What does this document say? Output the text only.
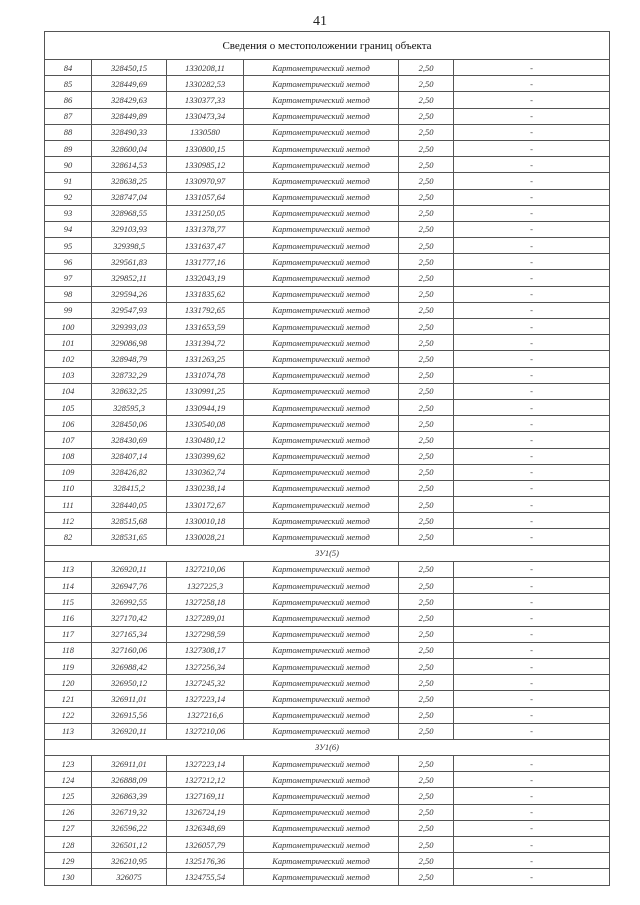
41
Сведения о местоположении границ объекта					
84	328450,15	1330208,11	Картометрический метод	2,50	-
85	328449,69	1330282,53	Картометрический метод	2,50	-
86	328429,63	1330377,33	Картометрический метод	2,50	-
87	328449,89	1330473,34	Картометрический метод	2,50	-
88	328490,33	1330580	Картометрический метод	2,50	-
89	328600,04	1330800,15	Картометрический метод	2,50	-
90	328614,53	1330985,12	Картометрический метод	2,50	-
91	328638,25	1330970,97	Картометрический метод	2,50	-
92	328747,04	1331057,64	Картометрический метод	2,50	-
93	328968,55	1331250,05	Картометрический метод	2,50	-
94	329103,93	1331378,77	Картометрический метод	2,50	-
95	329398,5	1331637,47	Картометрический метод	2,50	-
96	329561,83	1331777,16	Картометрический метод	2,50	-
97	329852,11	1332043,19	Картометрический метод	2,50	-
98	329594,26	1331835,62	Картометрический метод	2,50	-
99	329547,93	1331792,65	Картометрический метод	2,50	-
100	329393,03	1331653,59	Картометрический метод	2,50	-
101	329086,98	1331394,72	Картометрический метод	2,50	-
102	328948,79	1331263,25	Картометрический метод	2,50	-
103	328732,29	1331074,78	Картометрический метод	2,50	-
104	328632,25	1330991,25	Картометрический метод	2,50	-
105	328595,3	1330944,19	Картометрический метод	2,50	-
106	328450,06	1330540,08	Картометрический метод	2,50	-
107	328430,69	1330480,12	Картометрический метод	2,50	-
108	328407,14	1330399,62	Картометрический метод	2,50	-
109	328426,82	1330362,74	Картометрический метод	2,50	-
110	328415,2	1330238,14	Картометрический метод	2,50	-
111	328440,05	1330172,67	Картометрический метод	2,50	-
112	328515,68	1330010,18	Картометрический метод	2,50	-
82	328531,65	1330028,21	Картометрический метод	2,50	-
ЗУ1(5)					
113	326920,11	1327210,06	Картометрический метод	2,50	-
114	326947,76	1327225,3	Картометрический метод	2,50	-
115	326992,55	1327258,18	Картометрический метод	2,50	-
116	327170,42	1327289,01	Картометрический метод	2,50	-
117	327165,34	1327298,59	Картометрический метод	2,50	-
118	327160,06	1327308,17	Картометрический метод	2,50	-
119	326988,42	1327256,34	Картометрический метод	2,50	-
120	326950,12	1327245,32	Картометрический метод	2,50	-
121	326911,01	1327223,14	Картометрический метод	2,50	-
122	326915,56	1327216,6	Картометрический метод	2,50	-
113	326920,11	1327210,06	Картометрический метод	2,50	-
ЗУ1(6)					
123	326911,01	1327223,14	Картометрический метод	2,50	-
124	326888,09	1327212,12	Картометрический метод	2,50	-
125	326863,39	1327169,11	Картометрический метод	2,50	-
126	326719,32	1326724,19	Картометрический метод	2,50	-
127	326596,22	1326348,69	Картометрический метод	2,50	-
128	326501,12	1326057,79	Картометрический метод	2,50	-
129	326210,95	1325176,36	Картометрический метод	2,50	-
130	326075	1324755,54	Картометрический метод	2,50	-
